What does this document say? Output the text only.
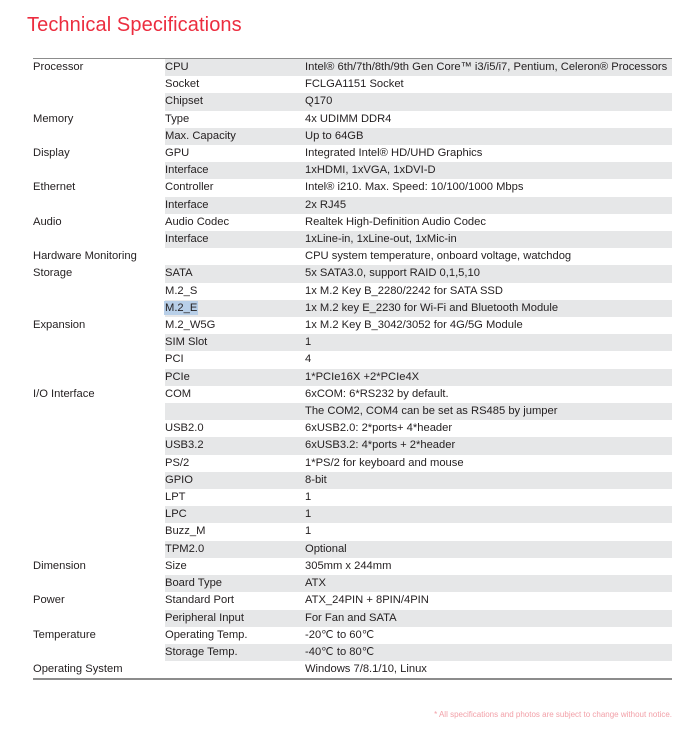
Technical Specifications
Processor	CPU	Intel® 6th/7th/8th/9th Gen Core™ i3/i5/i7, Pentium, Celeron® Processors
	Socket	FCLGA1151 Socket
	Chipset	Q170
Memory	Type	4x UDIMM DDR4
	Max. Capacity	Up to 64GB
Display	GPU	Integrated Intel® HD/UHD Graphics
	Interface	1xHDMI, 1xVGA, 1xDVI-D
Ethernet	Controller	Intel® i210. Max. Speed: 10/100/1000 Mbps
	Interface	2x RJ45
Audio	Audio Codec	Realtek High-Definition Audio Codec
	Interface	1xLine-in, 1xLine-out, 1xMic-in
Hardware Monitoring		CPU system temperature, onboard voltage, watchdog
Storage	SATA	5x SATA3.0, support RAID 0,1,5,10
	M.2_S	1x M.2 Key B_2280/2242 for SATA SSD
	M.2_E	1x M.2 key E_2230 for Wi-Fi and Bluetooth Module
Expansion	M.2_W5G	1x M.2 Key B_3042/3052 for 4G/5G Module
	SIM Slot	1
	PCI	4
	PCIe	1*PCIe16X +2*PCIe4X
I/O Interface	COM	6xCOM: 6*RS232 by default.
		The COM2, COM4 can be set as RS485 by jumper
	USB2.0	6xUSB2.0: 2*ports+ 4*header
	USB3.2	6xUSB3.2: 4*ports + 2*header
	PS/2	1*PS/2 for keyboard and mouse
	GPIO	8-bit
	LPT	1
	LPC	1
	Buzz_M	1
	TPM2.0	Optional
Dimension	Size	305mm x 244mm
	Board Type	ATX
Power	Standard Port	ATX_24PIN + 8PIN/4PIN
	Peripheral Input	For Fan and SATA
Temperature	Operating Temp.	-20℃ to 60℃
	Storage Temp.	-40℃ to 80℃
Operating System		Windows 7/8.1/10, Linux
* All specifications and photos are subject to change without notice.
